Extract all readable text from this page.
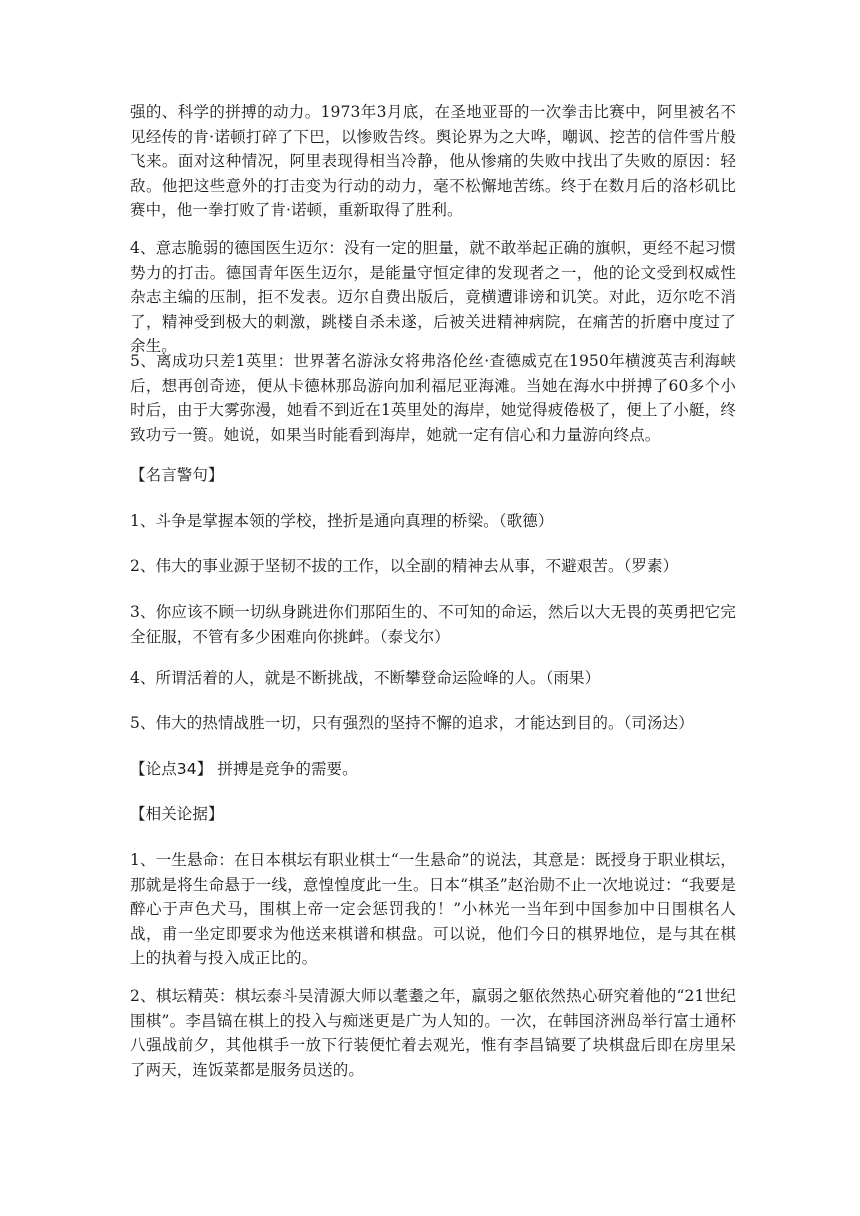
强的、科学的拼搏的动力。1973年3月底，在圣地亚哥的一次拳击比赛中，阿里被名不见经传的肯·诺顿打碎了下巴，以惨败告终。舆论界为之大哗，嘲讽、挖苦的信件雪片般飞来。面对这种情况，阿里表现得相当冷静，他从惨痛的失败中找出了失败的原因：轻敌。他把这些意外的打击变为行动的动力，毫不松懈地苦练。终于在数月后的洛杉矶比赛中，他一拳打败了肯·诺顿，重新取得了胜利。

4、意志脆弱的德国医生迈尔：没有一定的胆量，就不敢举起正确的旗帜，更经不起习惯势力的打击。德国青年医生迈尔，是能量守恒定律的发现者之一，他的论文受到权威性杂志主编的压制，拒不发表。迈尔自费出版后，竟横遭诽谤和讥笑。对此，迈尔吃不消了，精神受到极大的刺激，跳楼自杀未遂，后被关进精神病院，在痛苦的折磨中度过了余生。

5、离成功只差1英里：世界著名游泳女将弗洛伦丝·查德威克在1950年横渡英吉利海峡后，想再创奇迹，便从卡德林那岛游向加利福尼亚海滩。当她在海水中拼搏了60多个小时后，由于大雾弥漫，她看不到近在1英里处的海岸，她觉得疲倦极了，便上了小艇，终致功亏一篑。她说，如果当时能看到海岸，她就一定有信心和力量游向终点。

【名言警句】

1、斗争是掌握本领的学校，挫折是通向真理的桥梁。（歌德）

2、伟大的事业源于坚韧不拔的工作，以全副的精神去从事，不避艰苦。（罗素）

3、你应该不顾一切纵身跳进你们那陌生的、不可知的命运，然后以大无畏的英勇把它完全征服，不管有多少困难向你挑衅。（泰戈尔）

4、所谓活着的人，就是不断挑战，不断攀登命运险峰的人。（雨果）

5、伟大的热情战胜一切，只有强烈的坚持不懈的追求，才能达到目的。（司汤达）

【论点34】 拼搏是竞争的需要。

【相关论据】

1、一生悬命：在日本棋坛有职业棋士“一生悬命”的说法，其意是：既授身于职业棋坛，那就是将生命悬于一线，意惶惶度此一生。日本“棋圣”赵治勋不止一次地说过：“我要是醉心于声色犬马，围棋上帝一定会惩罚我的！”小林光一当年到中国参加中日围棋名人战，甫一坐定即要求为他送来棋谱和棋盘。可以说，他们今日的棋界地位，是与其在棋上的执着与投入成正比的。

2、棋坛精英：棋坛泰斗吴清源大师以耄耋之年，羸弱之躯依然热心研究着他的“21世纪围棋”。李昌镐在棋上的投入与痴迷更是广为人知的。一次，在韩国济洲岛举行富士通杯八强战前夕，其他棋手一放下行装便忙着去观光，惟有李昌镐要了块棋盘后即在房里呆了两天，连饭菜都是服务员送的。
